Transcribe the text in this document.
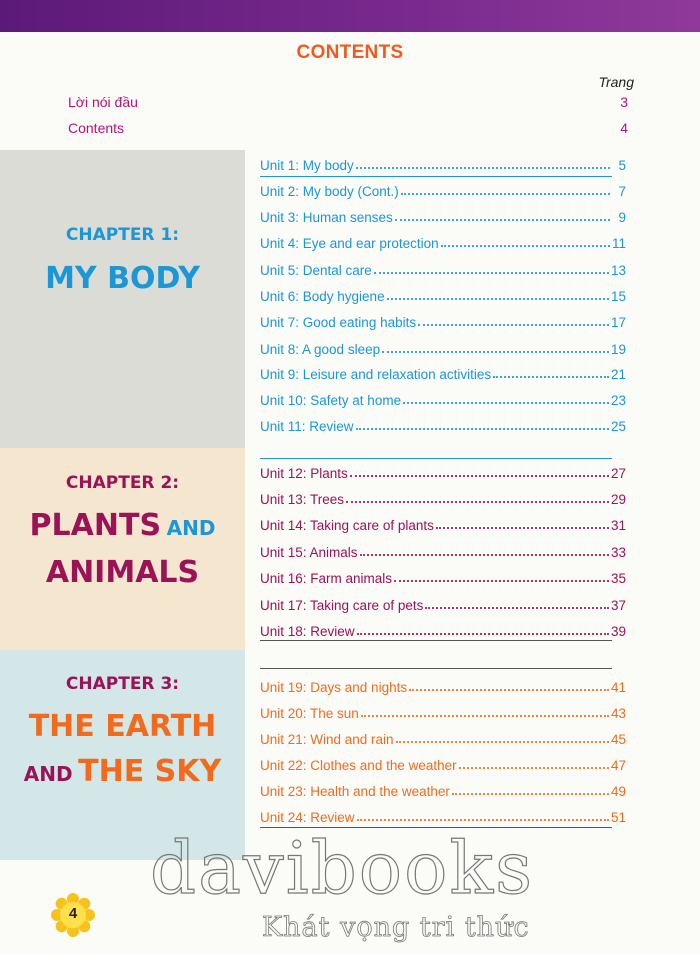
CONTENTS
Trang
Lời nói đầu	3
Contents	4
CHAPTER 1:
MY BODY
CHAPTER 2:
PLANTS AND
ANIMALS
CHAPTER 3:
THE EARTH
AND THE SKY
Unit 1: My body	5
Unit 2: My body (Cont.)	7
Unit 3: Human senses	9
Unit 4: Eye and ear protection	11
Unit 5: Dental care	13
Unit 6: Body hygiene	15
Unit 7: Good eating habits	17
Unit 8: A good sleep	19
Unit 9: Leisure and relaxation activities	21
Unit 10: Safety at home	23
Unit 11: Review	25
Unit 12: Plants	27
Unit 13: Trees	29
Unit 14: Taking care of plants	31
Unit 15: Animals	33
Unit 16: Farm animals	35
Unit 17: Taking care of pets	37
Unit 18: Review	39
Unit 19: Days and nights	41
Unit 20: The sun	43
Unit 21: Wind and rain	45
Unit 22: Clothes and the weather	47
Unit 23: Health and the weather	49
Unit 24: Review	51
davibooks
Khát vọng tri thức
4
